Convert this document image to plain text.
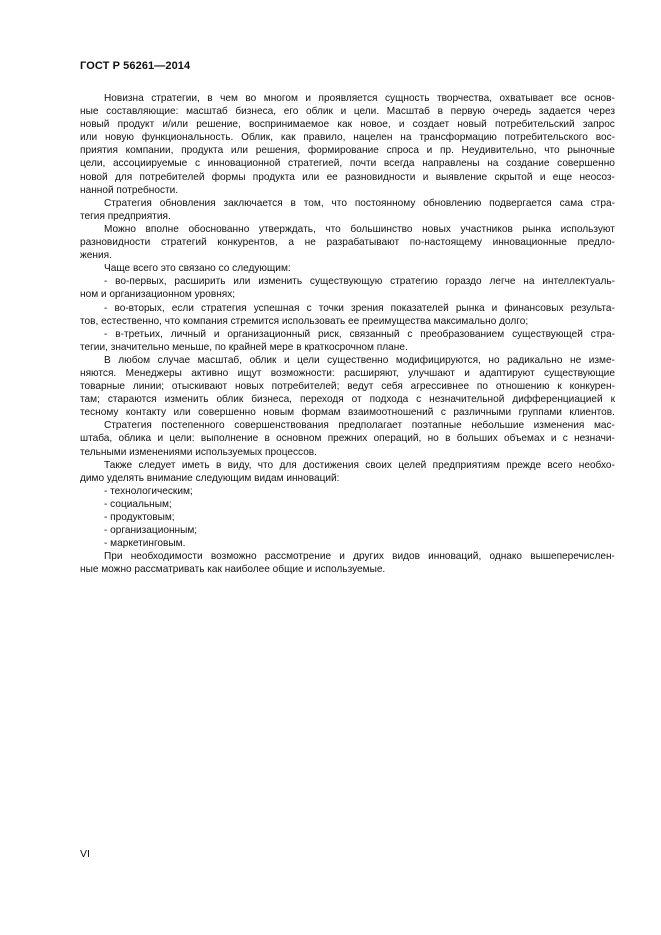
ГОСТ Р 56261—2014
Новизна стратегии, в чем во многом и проявляется сущность творчества, охватывает все основ-
ные составляющие: масштаб бизнеса, его облик и цели. Масштаб в первую очередь задается через
новый продукт и/или решение, воспринимаемое как новое, и создает новый потребительский запрос
или новую функциональность. Облик, как правило, нацелен на трансформацию потребительского вос-
приятия компании, продукта или решения, формирование спроса и пр. Неудивительно, что рыночные
цели, ассоциируемые с инновационной стратегией, почти всегда направлены на создание совершенно
новой для потребителей формы продукта или ее разновидности и выявление скрытой и еще неосоз-
нанной потребности.
Стратегия обновления заключается в том, что постоянному обновлению подвергается сама стра-
тегия предприятия.
Можно вполне обоснованно утверждать, что большинство новых участников рынка используют
разновидности стратегий конкурентов, а не разрабатывают по-настоящему инновационные предло-
жения.
Чаще всего это связано со следующим:
- во-первых, расширить или изменить существующую стратегию гораздо легче на интеллектуаль-
ном и организационном уровнях;
- во-вторых, если стратегия успешная с точки зрения показателей рынка и финансовых результа-
тов, естественно, что компания стремится использовать ее преимущества максимально долго;
- в-третьих, личный и организационный риск, связанный с преобразованием существующей стра-
тегии, значительно меньше, по крайней мере в краткосрочном плане.
В любом случае масштаб, облик и цели существенно модифицируются, но радикально не изме-
няются. Менеджеры активно ищут возможности: расширяют, улучшают и адаптируют существующие
товарные линии; отыскивают новых потребителей; ведут себя агрессивнее по отношению к конкурен-
там; стараются изменить облик бизнеса, переходя от подхода с незначительной дифференциацией к
тесному контакту или совершенно новым формам взаимоотношений с различными группами клиентов.
Стратегия постепенного совершенствования предполагает поэтапные небольшие изменения мас-
штаба, облика и цели: выполнение в основном прежних операций, но в больших объемах и с незначи-
тельными изменениями используемых процессов.
Также следует иметь в виду, что для достижения своих целей предприятиям прежде всего необхо-
димо уделять внимание следующим видам инноваций:
- технологическим;
- социальным;
- продуктовым;
- организационным;
- маркетинговым.
При необходимости возможно рассмотрение и других видов инноваций, однако вышеперечислен-
ные можно рассматривать как наиболее общие и используемые.
VI
